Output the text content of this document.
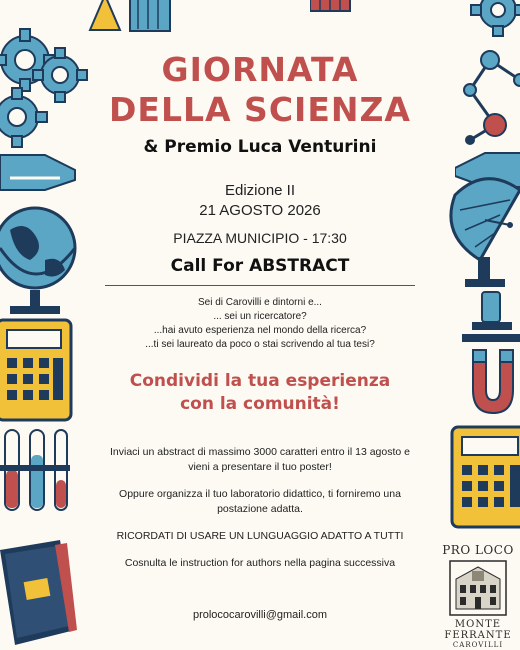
GIORNATA
DELLA SCIENZA
& Premio Luca Venturini
Edizione II
21 AGOSTO 2026
PIAZZA MUNICIPIO - 17:30
Call For ABSTRACT
Sei di Carovilli e dintorni e...
... sei un ricercatore?
...hai avuto esperienza nel mondo della ricerca?
...ti sei laureato da poco o stai scrivendo al tua tesi?
Condividi la tua esperienza
con la comunità!
Inviaci un abstract di massimo 3000 caratteri entro il 13 agosto e vieni a presentare il tuo poster!
Oppure organizza il tuo laboratorio didattico, ti forniremo una postazione adatta.
RICORDATI DI USARE UN LUNGUAGGIO ADATTO A TUTTI
Cosnulta le instruction for authors nella pagina successiva
prolococarovilli@gmail.com
PRO LOCO
MONTE
FERRANTE
CAROVILLI
